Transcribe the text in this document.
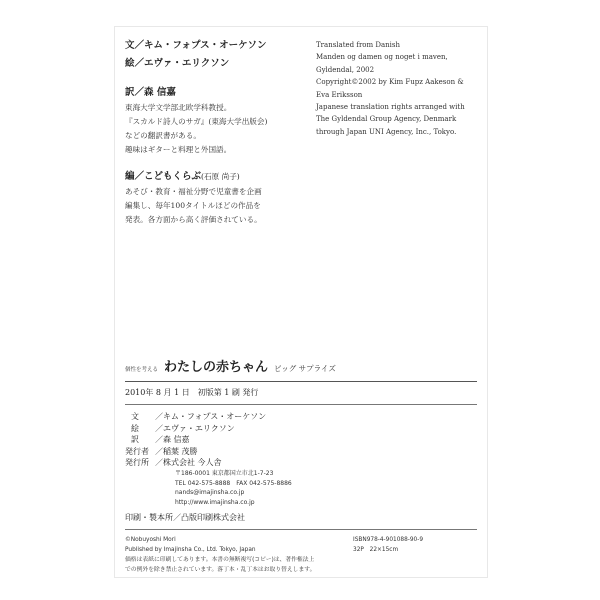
文／キム・フォプス・オーケソン
絵／エヴァ・エリクソン
訳／森 信嘉
東海大学文学部北欧学科教授。
『スカルド詩人のサガ』(東海大学出版会)
などの翻訳書がある。
趣味はギターと料理と外国語。
編／こどもくらぶ(石原 尚子)
あそび・教育・福祉分野で児童書を企画
編集し、毎年100タイトルほどの作品を
発表。各方面から高く評価されている。
Translated from Danish
Manden og damen og noget i maven,
Gyldendal, 2002
Copyright©2002 by Kim Fupz Aakeson &
Eva Eriksson
Japanese translation rights arranged with
The Gyldendal Group Agency, Denmark
through Japan UNI Agency, Inc., Tokyo.
個性を考える わたしの赤ちゃん ビッグ サプライズ
2010年 8 月 1 日　初版第 1 刷 発行
文	／ キム・フォプス・オーケソン
絵	／ エヴァ・エリクソン
訳	／ 森 信嘉
発行者 ／ 稲葉 茂勝
発行所 ／ 株式会社 今人舎
〒186-0001 東京都国立市北1-7-23
TEL 042-575-8888　FAX 042-575-8886
nands@imajinsha.co.jp
http://www.imajinsha.co.jp
印刷・製本所／凸版印刷株式会社
©Nobuyoshi Mori
Published by Imajinsha Co., Ltd. Tokyo, Japan
価格は表紙に印刷してあります。本書の無断複写(コピー)は、著作権法上
での例外を除き禁止されています。落丁本・乱丁本はお取り替えします。
ISBN978-4-901088-90-9
32P　22×15cm
